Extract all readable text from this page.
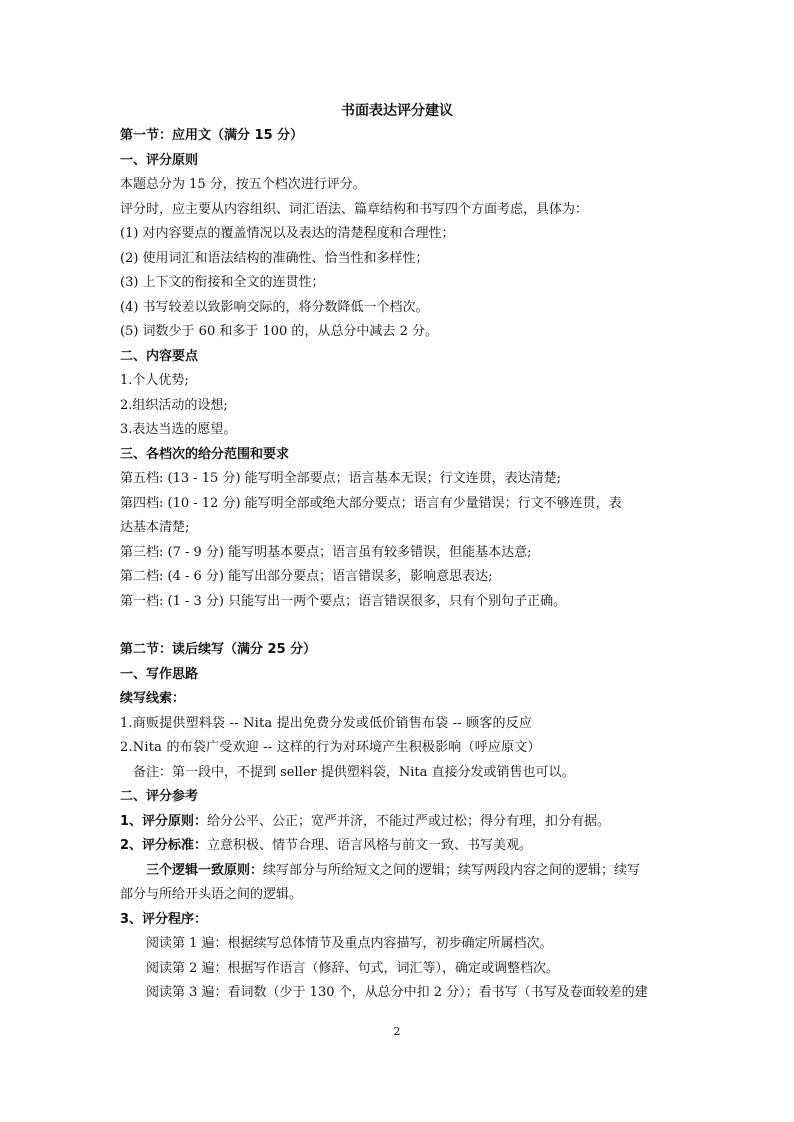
书面表达评分建议
第一节：应用文（满分 15 分）
一、评分原则
本题总分为 15 分，按五个档次进行评分。
评分时，应主要从内容组织、词汇语法、篇章结构和书写四个方面考虑，具体为：
(1) 对内容要点的覆盖情况以及表达的清楚程度和合理性；
(2) 使用词汇和语法结构的准确性、恰当性和多样性；
(3) 上下文的衔接和全文的连贯性；
(4) 书写较差以致影响交际的，将分数降低一个档次。
(5) 词数少于 60 和多于 100 的，从总分中减去 2 分。
二、内容要点
1.个人优势;
2.组织活动的设想;
3.表达当选的愿望。
三、各档次的给分范围和要求
第五档: (13 - 15 分) 能写明全部要点；语言基本无误；行文连贯，表达清楚;
第四档: (10 - 12 分) 能写明全部或绝大部分要点；语言有少量错误；行文不够连贯，表
达基本清楚;
第三档: (7 - 9 分) 能写明基本要点；语言虽有较多错误，但能基本达意;
第二档: (4 - 6 分) 能写出部分要点；语言错误多，影响意思表达;
第一档: (1 - 3 分) 只能写出一两个要点；语言错误很多，只有个别句子正确。
第二节：读后续写（满分 25 分）
一、写作思路
续写线索：
1.商贩提供塑料袋 -- Nita 提出免费分发或低价销售布袋 -- 顾客的反应
2.Nita 的布袋广受欢迎 -- 这样的行为对环境产生积极影响（呼应原文）
备注：第一段中，不提到 seller 提供塑料袋，Nita 直接分发或销售也可以。
二、评分参考
1、评分原则：给分公平、公正；宽严并济，不能过严或过松；得分有理，扣分有据。
2、评分标准：立意积极、情节合理、语言风格与前文一致、书写美观。
三个逻辑一致原则：续写部分与所给短文之间的逻辑；续写两段内容之间的逻辑；续写
部分与所给开头语之间的逻辑。
3、评分程序：
阅读第 1 遍：根据续写总体情节及重点内容描写，初步确定所属档次。
阅读第 2 遍：根据写作语言（修辞、句式，词汇等），确定或调整档次。
阅读第 3 遍：看词数（少于 130 个，从总分中扣 2 分）；看书写（书写及卷面较差的建
2
